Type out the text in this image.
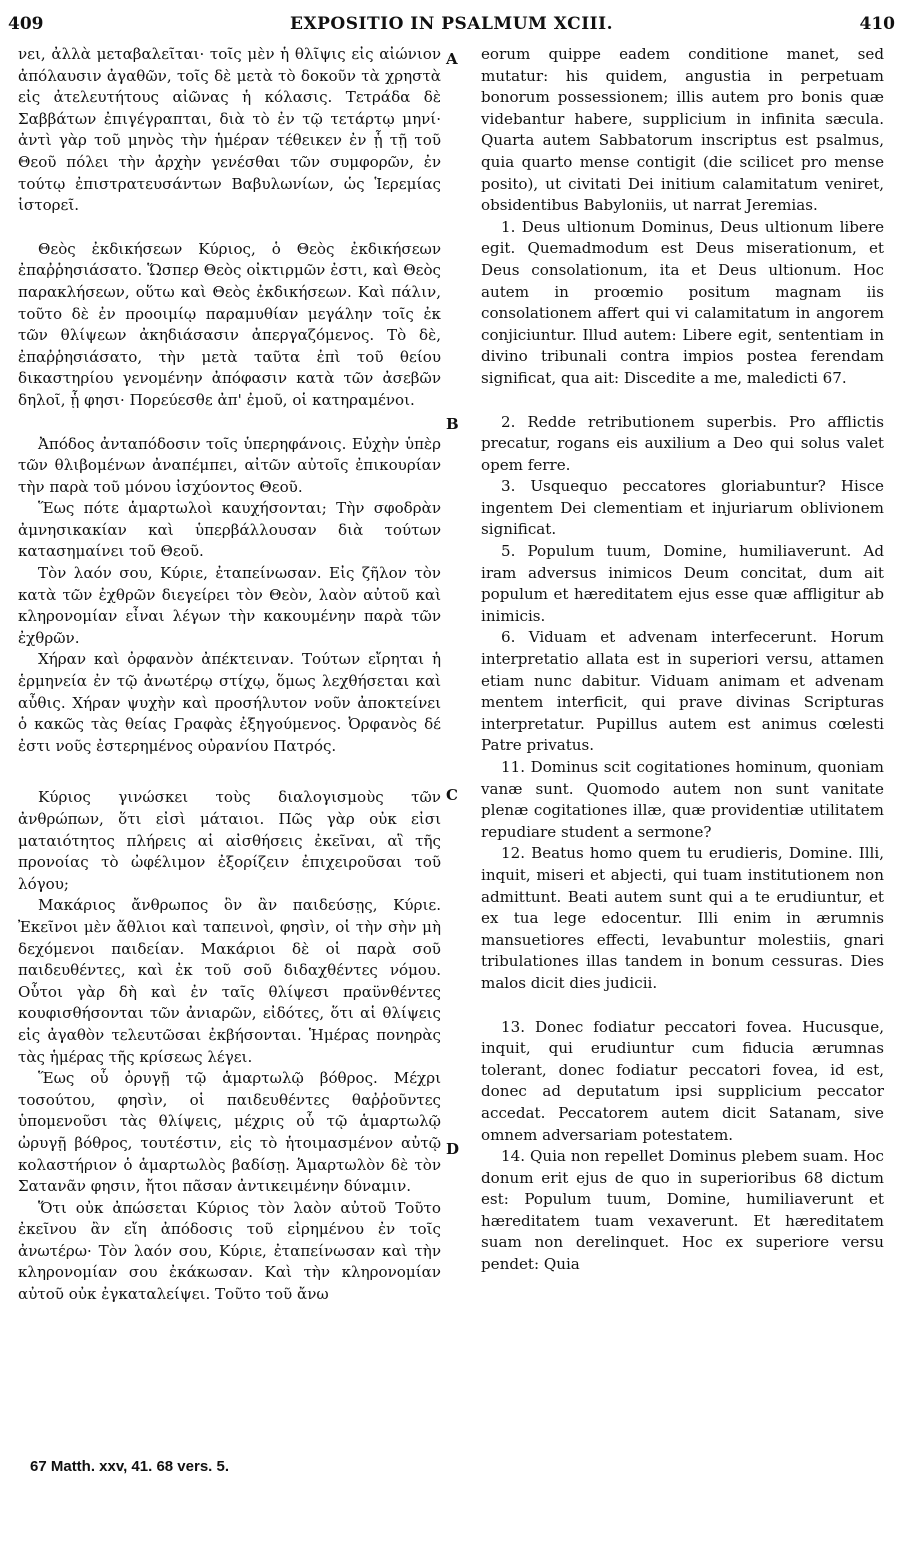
409	EXPOSITIO IN PSALMUM XCIII.	410

νει, ἀλλὰ μεταβαλεῖται· τοῖς μὲν ἡ θλῖψις εἰς αἰώνιον ἀπόλαυσιν ἀγαθῶν, τοῖς δὲ μετὰ τὸ δοκοῦν τὰ χρηστὰ εἰς ἀτελευτήτους αἰῶνας ἡ κόλασις. Τετράδα δὲ Σαββάτων ἐπιγέγραπται, διὰ τὸ ἐν τῷ τετάρτῳ μηνί· ἀντὶ γὰρ τοῦ μηνὸς τὴν ἡμέραν τέθεικεν ἐν ᾗ τῇ τοῦ Θεοῦ πόλει τὴν ἀρχὴν γενέσθαι τῶν συμφορῶν, ἐν τούτῳ ἐπιστρατευσάντων Βαβυλωνίων, ὡς Ἱερεμίας ἱστορεῖ.

Θεὸς ἐκδικήσεων Κύριος, ὁ Θεὸς ἐκδικήσεων ἐπαῤῥησιάσατο. Ὥσπερ Θεὸς οἰκτιρμῶν ἐστι, καὶ Θεὸς παρακλήσεων, οὕτω καὶ Θεὸς ἐκδικήσεων. Καὶ πάλιν, τοῦτο δὲ ἐν προοιμίῳ παραμυθίαν μεγάλην τοῖς ἐκ τῶν θλίψεων ἀκηδιάσασιν ἀπεργαζόμενος. Τὸ δὲ, ἐπαῤῥησιάσατο, τὴν μετὰ ταῦτα ἐπὶ τοῦ θείου δικαστηρίου γενομένην ἀπόφασιν κατὰ τῶν ἀσεβῶν δηλοῖ, ᾗ φησι· Πορεύεσθε ἀπ' ἐμοῦ, οἱ κατηραμένοι.

Ἀπόδος ἀνταπόδοσιν τοῖς ὑπερηφάνοις. Εὐχὴν ὑπὲρ τῶν θλιβομένων ἀναπέμπει, αἰτῶν αὐτοῖς ἐπικουρίαν τὴν παρὰ τοῦ μόνου ἰσχύοντος Θεοῦ.

Ἕως πότε ἁμαρτωλοὶ καυχήσονται; Τὴν σφοδρὰν ἀμνησικακίαν καὶ ὑπερβάλλουσαν διὰ τούτων κατασημαίνει τοῦ Θεοῦ.

Τὸν λαόν σου, Κύριε, ἐταπείνωσαν. Εἰς ζῆλον τὸν κατὰ τῶν ἐχθρῶν διεγείρει τὸν Θεὸν, λαὸν αὐτοῦ καὶ κληρονομίαν εἶναι λέγων τὴν κακουμένην παρὰ τῶν ἐχθρῶν.

Χήραν καὶ ὀρφανὸν ἀπέκτειναν. Τούτων εἴρηται ἡ ἑρμηνεία ἐν τῷ ἀνωτέρῳ στίχῳ, ὅμως λεχθήσεται καὶ αὖθις. Χήραν ψυχὴν καὶ προσήλυτον νοῦν ἀποκτείνει ὁ κακῶς τὰς θείας Γραφὰς ἐξηγούμενος. Ὀρφανὸς δέ ἐστι νοῦς ἐστερημένος οὐρανίου Πατρός.

Κύριος γινώσκει τοὺς διαλογισμοὺς τῶν ἀνθρώπων, ὅτι εἰσὶ μάταιοι. Πῶς γὰρ οὐκ εἰσι ματαιότητος πλήρεις αἱ αἰσθήσεις ἐκεῖναι, αἳ τῆς προνοίας τὸ ὠφέλιμον ἐξορίζειν ἐπιχειροῦσαι τοῦ λόγου;

Μακάριος ἄνθρωπος ὃν ἂν παιδεύσῃς, Κύριε. Ἐκεῖνοι μὲν ἄθλιοι καὶ ταπεινοὶ, φησὶν, οἱ τὴν σὴν μὴ δεχόμενοι παιδείαν. Μακάριοι δὲ οἱ παρὰ σοῦ παιδευθέντες, καὶ ἐκ τοῦ σοῦ διδαχθέντες νόμου. Οὗτοι γὰρ δὴ καὶ ἐν ταῖς θλίψεσι πραϋνθέντες κουφισθήσονται τῶν ἀνιαρῶν, εἰδότες, ὅτι αἱ θλίψεις εἰς ἀγαθὸν τελευτῶσαι ἐκβήσονται. Ἡμέρας πονηρὰς τὰς ἡμέρας τῆς κρίσεως λέγει.

Ἕως οὗ ὀρυγῇ τῷ ἁμαρτωλῷ βόθρος. Μέχρι τοσούτου, φησὶν, οἱ παιδευθέντες θαῤῥοῦντες ὑπομενοῦσι τὰς θλίψεις, μέχρις οὗ τῷ ἁμαρτωλῷ ὠρυγῇ βόθρος, τουτέστιν, εἰς τὸ ἡτοιμασμένον αὐτῷ κολαστήριον ὁ ἁμαρτωλὸς βαδίσῃ. Ἁμαρτωλὸν δὲ τὸν Σατανᾶν φησιν, ἤτοι πᾶσαν ἀντικειμένην δύναμιν.

Ὅτι οὐκ ἀπώσεται Κύριος τὸν λαὸν αὐτοῦ Τοῦτο ἐκεῖνου ἂν εἴη ἀπόδοσις τοῦ εἰρημένου ἐν τοῖς ἀνωτέρω· Τὸν λαόν σου, Κύριε, ἐταπείνωσαν καὶ τὴν κληρονομίαν σου ἐκάκωσαν. Καὶ τὴν κληρονομίαν αὐτοῦ οὐκ ἐγκαταλείψει. Τοῦτο τοῦ ἄνω

A
B
C
D

eorum quippe eadem conditione manet, sed mutatur: his quidem, angustia in perpetuam bonorum possessionem; illis autem pro bonis quæ videbantur habere, supplicium in infinita sæcula. Quarta autem Sabbatorum inscriptus est psalmus, quia quarto mense contigit (die scilicet pro mense posito), ut civitati Dei initium calamitatum veniret, obsidentibus Babyloniis, ut narrat Jeremias.

1. Deus ultionum Dominus, Deus ultionum libere egit. Quemadmodum est Deus miserationum, et Deus consolationum, ita et Deus ultionum. Hoc autem in proœmio positum magnam iis consolationem affert qui vi calamitatum in angorem conjiciuntur. Illud autem: Libere egit, sententiam in divino tribunali contra impios postea ferendam significat, qua ait: Discedite a me, maledicti 67.

2. Redde retributionem superbis. Pro afflictis precatur, rogans eis auxilium a Deo qui solus valet opem ferre.

3. Usquequo peccatores gloriabuntur? Hisce ingentem Dei clementiam et injuriarum oblivionem significat.

5. Populum tuum, Domine, humiliaverunt. Ad iram adversus inimicos Deum concitat, dum ait populum et hæreditatem ejus esse quæ affligitur ab inimicis.

6. Viduam et advenam interfecerunt. Horum interpretatio allata est in superiori versu, attamen etiam nunc dabitur. Viduam animam et advenam mentem interficit, qui prave divinas Scripturas interpretatur. Pupillus autem est animus cœlesti Patre privatus.

11. Dominus scit cogitationes hominum, quoniam vanæ sunt. Quomodo autem non sunt vanitate plenæ cogitationes illæ, quæ providentiæ utilitatem repudiare student a sermone?

12. Beatus homo quem tu erudieris, Domine. Illi, inquit, miseri et abjecti, qui tuam institutionem non admittunt. Beati autem sunt qui a te erudiuntur, et ex tua lege edocentur. Illi enim in ærumnis mansuetiores effecti, levabuntur molestiis, gnari tribulationes illas tandem in bonum cessuras. Dies malos dicit dies judicii.

13. Donec fodiatur peccatori fovea. Hucusque, inquit, qui erudiuntur cum fiducia ærumnas tolerant, donec fodiatur peccatori fovea, id est, donec ad deputatum ipsi supplicium peccator accedat. Peccatorem autem dicit Satanam, sive omnem adversariam potestatem.

14. Quia non repellet Dominus plebem suam. Hoc donum erit ejus de quo in superioribus 68 dictum est: Populum tuum, Domine, humiliaverunt et hæreditatem tuam vexaverunt. Et hæreditatem suam non derelinquet. Hoc ex superiore versu pendet: Quia

67 Matth. xxv, 41. 68 vers. 5.
